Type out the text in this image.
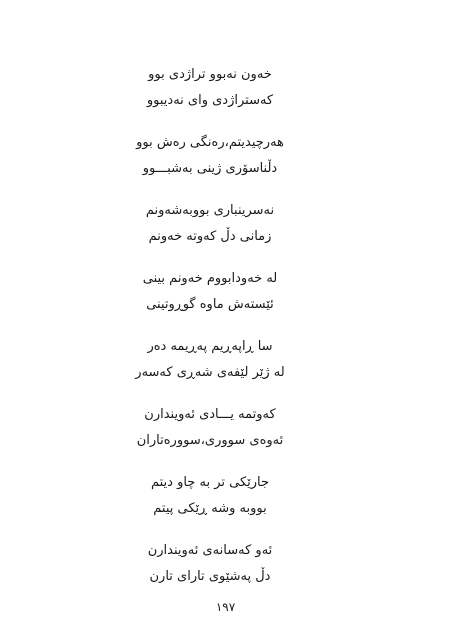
خەون نەبوو تراژدی بوو
کەستراژدی وای نەدیبوو
هەرچیدیتم،رەنگی رەش بوو
دڵناسۆری ژینی بەشبـــوو
نەسرینباری بووبەشەونم
زمانی دڵ کەوتە خەونم
لە خەودابووم خەونم بینی
ئێستەش ماوە گوڕوتینی
سا ڕاپەڕیم پەڕیمە دەر
لە ژێر لێفەی شەڕی کەسەر
کەوتمە یـــادی ئەویندارن
ئەوەی سووری،سوورەتاران
جارێکی تر بە چاو دیتم
بووبە وشە ڕێکی پیتم
ئەو کەسانەی ئەویندارن
دڵ پەشێوی تارای تارن
١٩٧
